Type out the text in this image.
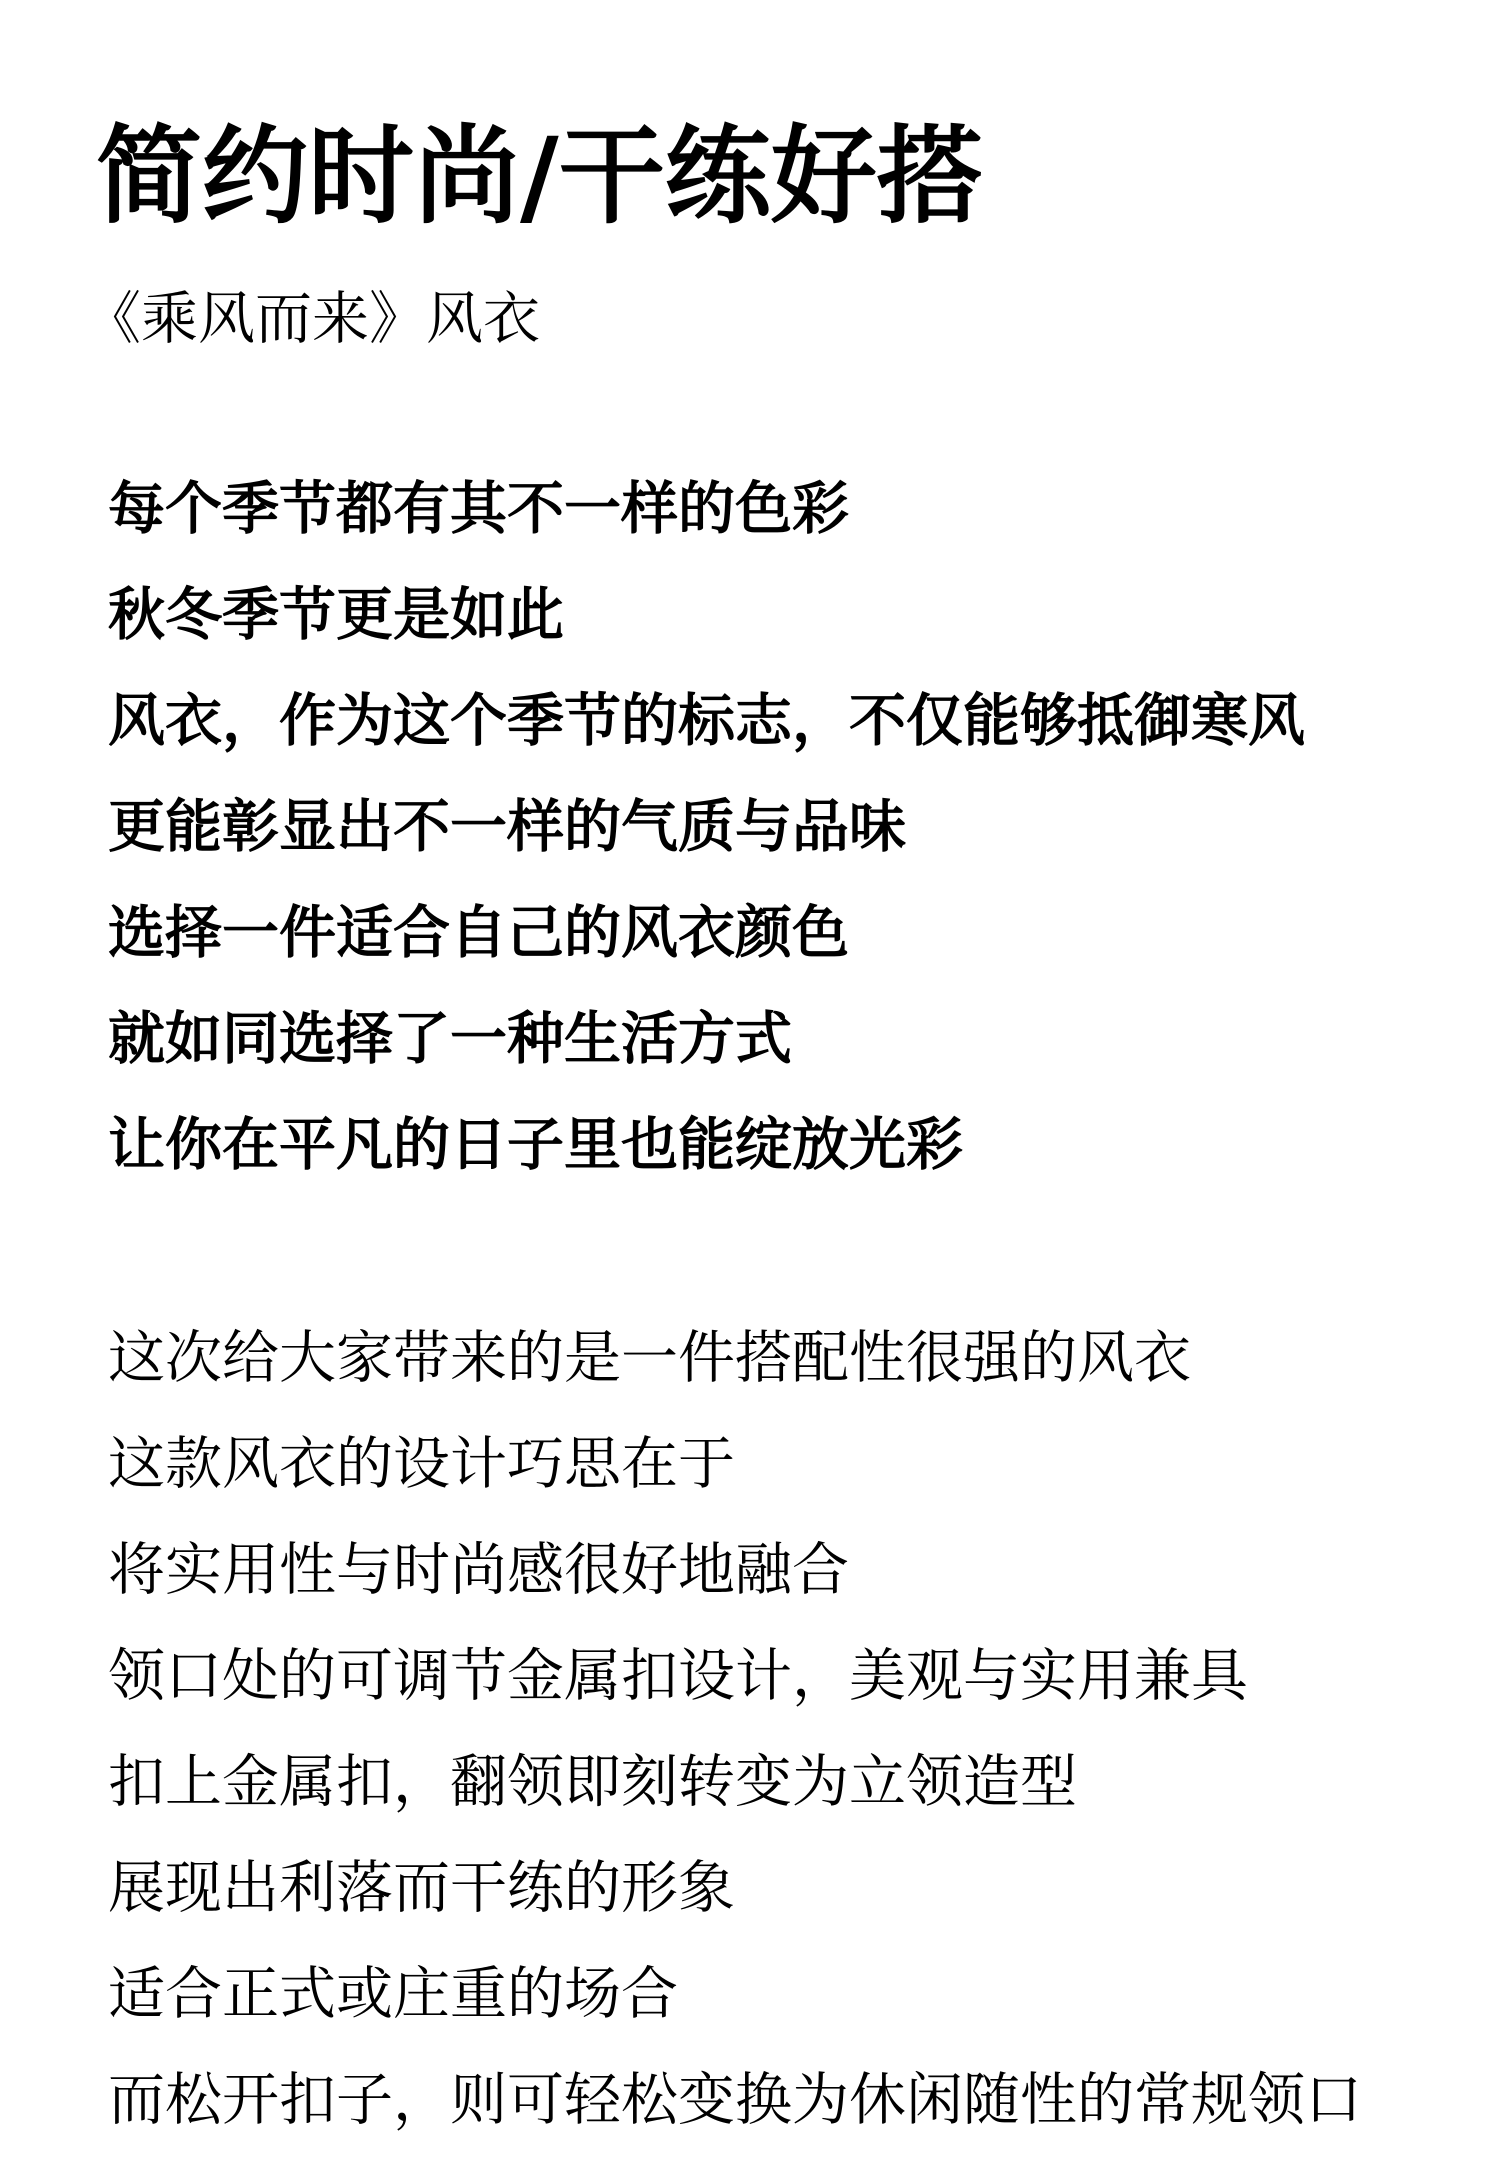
简约时尚/干练好搭
《乘风而来》风衣
每个季节都有其不一样的色彩
秋冬季节更是如此
风衣，作为这个季节的标志，不仅能够抵御寒风
更能彰显出不一样的气质与品味
选择一件适合自己的风衣颜色
就如同选择了一种生活方式
让你在平凡的日子里也能绽放光彩
这次给大家带来的是一件搭配性很强的风衣
这款风衣的设计巧思在于
将实用性与时尚感很好地融合
领口处的可调节金属扣设计，美观与实用兼具
扣上金属扣，翻领即刻转变为立领造型
展现出利落而干练的形象
适合正式或庄重的场合
而松开扣子，则可轻松变换为休闲随性的常规领口
